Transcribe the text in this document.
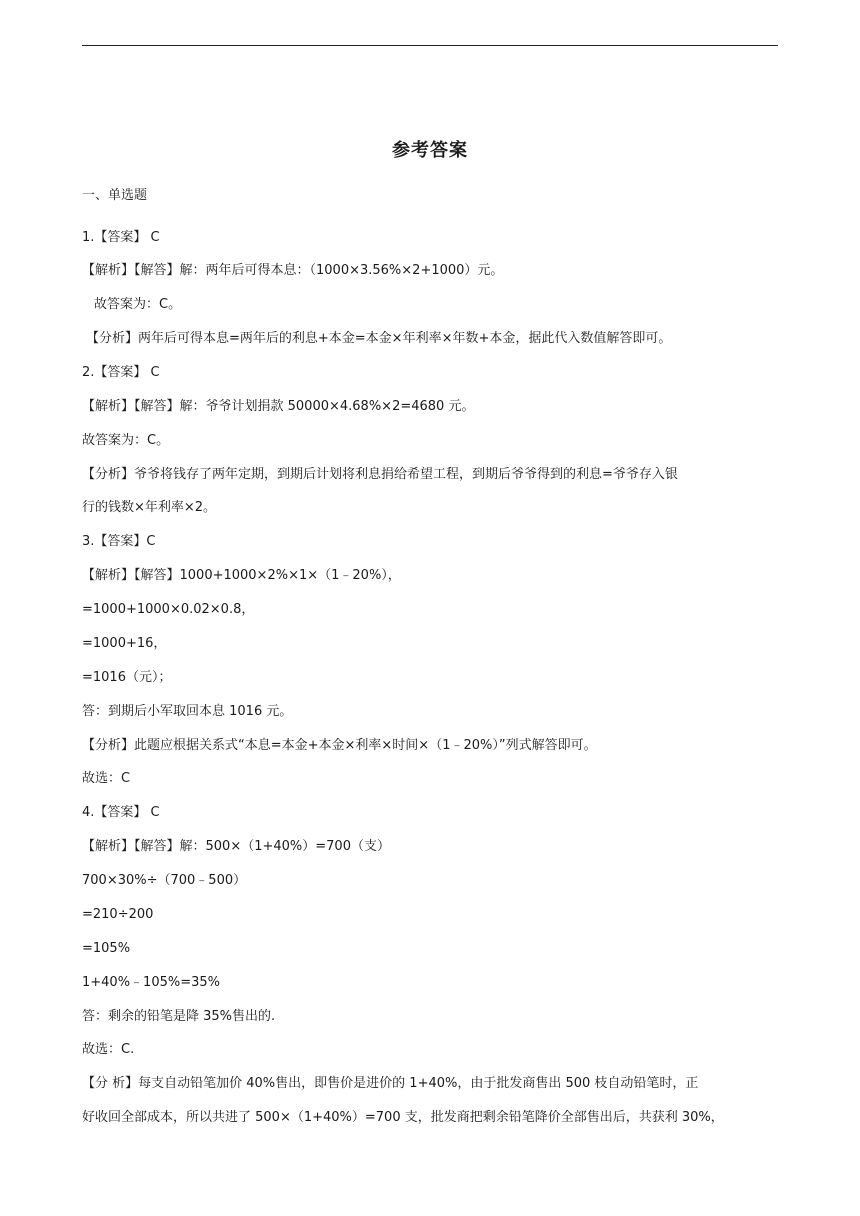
参考答案
一、单选题
1.【答案】 C
【解析】【解答】解：两年后可得本息：（1000×3.56%×2+1000）元。
故答案为：C。
【分析】两年后可得本息=两年后的利息+本金=本金×年利率×年数+本金，据此代入数值解答即可。
2.【答案】 C
【解析】【解答】解：爷爷计划捐款 50000×4.68%×2=4680 元。
故答案为：C。
【分析】爷爷将钱存了两年定期，到期后计划将利息捐给希望工程，到期后爷爷得到的利息=爷爷存入银
行的钱数×年利率×2。
3.【答案】C
【解析】【解答】1000+1000×2%×1×（1﹣20%），
=1000+1000×0.02×0.8，
=1000+16，
=1016（元）；
答：到期后小军取回本息 1016 元。
【分析】此题应根据关系式“本息=本金+本金×利率×时间×（1﹣20%）”列式解答即可。
故选：C
4.【答案】 C
【解析】【解答】解：500×（1+40%）=700（支）
700×30%÷（700﹣500）
=210÷200
=105%
1+40%﹣105%=35%
答：剩余的铅笔是降 35%售出的.
故选：C.
【分 析】每支自动铅笔加价 40%售出，即售价是进价的 1+40%，由于批发商售出 500 枝自动铅笔时，正
好收回全部成本，所以共进了 500×（1+40%）=700 支，批发商把剩余铅笔降价全部售出后，共获利 30%，
